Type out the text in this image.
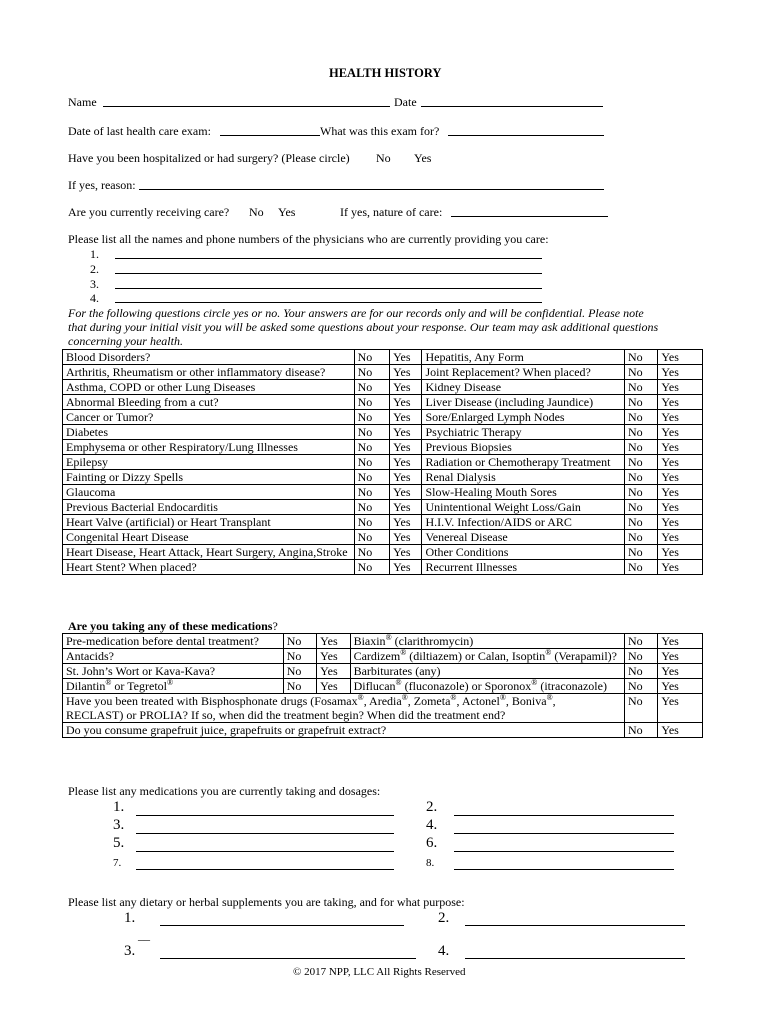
HEALTH HISTORY
Name	Date
Date of last health care exam:	What was this exam for?
Have you been hospitalized or had surgery? (Please circle) No Yes
If yes, reason:
Are you currently receiving care? No Yes	If yes, nature of care:
Please list all the names and phone numbers of the physicians who are currently providing you care:
1.
2.
3.
4.
For the following questions circle yes or no. Your answers are for our records only and will be confidential. Please note
that during your initial visit you will be asked some questions about your response. Our team may ask additional questions
concerning your health.
Blood Disorders?	No	Yes	Hepatitis, Any Form	No	Yes
Arthritis, Rheumatism or other inflammatory disease?	No	Yes	Joint Replacement? When placed?	No	Yes
Asthma, COPD or other Lung Diseases	No	Yes	Kidney Disease	No	Yes
Abnormal Bleeding from a cut?	No	Yes	Liver Disease (including Jaundice)	No	Yes
Cancer or Tumor?	No	Yes	Sore/Enlarged Lymph Nodes	No	Yes
Diabetes	No	Yes	Psychiatric Therapy	No	Yes
Emphysema or other Respiratory/Lung Illnesses	No	Yes	Previous Biopsies	No	Yes
Epilepsy	No	Yes	Radiation or Chemotherapy Treatment	No	Yes
Fainting or Dizzy Spells	No	Yes	Renal Dialysis	No	Yes
Glaucoma	No	Yes	Slow-Healing Mouth Sores	No	Yes
Previous Bacterial Endocarditis	No	Yes	Unintentional Weight Loss/Gain	No	Yes
Heart Valve (artificial) or Heart Transplant	No	Yes	H.I.V. Infection/AIDS or ARC	No	Yes
Congenital Heart Disease	No	Yes	Venereal Disease	No	Yes
Heart Disease, Heart Attack, Heart Surgery, Angina,Stroke	No	Yes	Other Conditions	No	Yes
Heart Stent? When placed?	No	Yes	Recurrent Illnesses	No	Yes
Are you taking any of these medications?
Pre-medication before dental treatment?	No	Yes	Biaxin® (clarithromycin)	No	Yes
Antacids?	No	Yes	Cardizem® (diltiazem) or Calan, Isoptin® (Verapamil)?	No	Yes
St. John’s Wort or Kava-Kava?	No	Yes	Barbiturates (any)	No	Yes
Dilantin® or Tegretol®	No	Yes	Diflucan® (fluconazole) or Sporonox® (itraconazole)	No	Yes

Have you been treated with Bisphosphonate drugs (Fosamax®, Aredia®, Zometa®, Actonel®, Boniva®,
RECLAST) or PROLIA? If so, when did the treatment begin? When did the treatment end?				No	Yes
Do you consume grapefruit juice, grapefruits or grapefruit extract?				No	Yes
Please list any medications you are currently taking and dosages:
1.	2.
3.	4.
5.	6.
7.	8.
Please list any dietary or herbal supplements you are taking, and for what purpose:
1.	2.
__
3.	4.
© 2017 NPP, LLC All Rights Reserved
